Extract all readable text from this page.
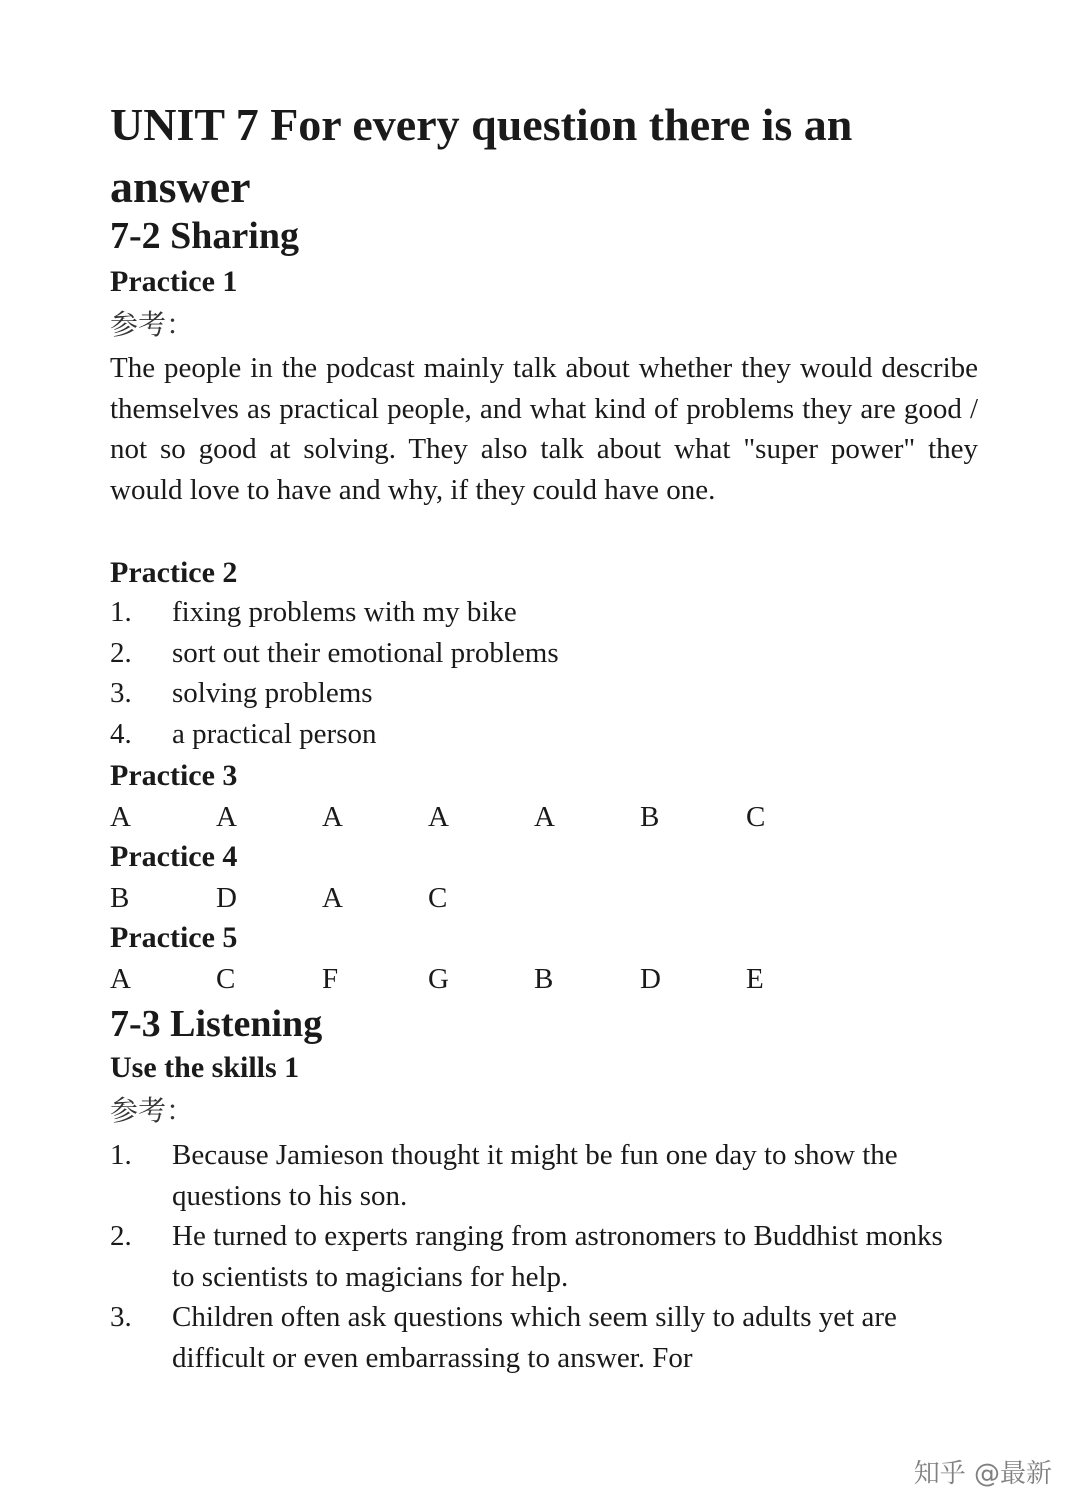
UNIT 7 For every question there is an answer
7-2 Sharing
Practice 1
参考：

The people in the podcast mainly talk about whether they would describe themselves as practical people, and what kind of problems they are good / not so good at solving. They also talk about what "super power" they would love to have and why, if they could have one.

Practice 2
1. fixing problems with my bike
2. sort out their emotional problems
3. solving problems
4. a practical person
Practice 3
A	A	A	A	A	B	C
Practice 4
B	D	A	C
Practice 5
A	C	F	G	B	D	E
7-3 Listening
Use the skills 1
参考：
1. Because Jamieson thought it might be fun one day to show the questions to his son.
2. He turned to experts ranging from astronomers to Buddhist monks to scientists to magicians for help.
3. Children often ask questions which seem silly to adults yet are difficult or even embarrassing to answer. For
知乎 @最新
